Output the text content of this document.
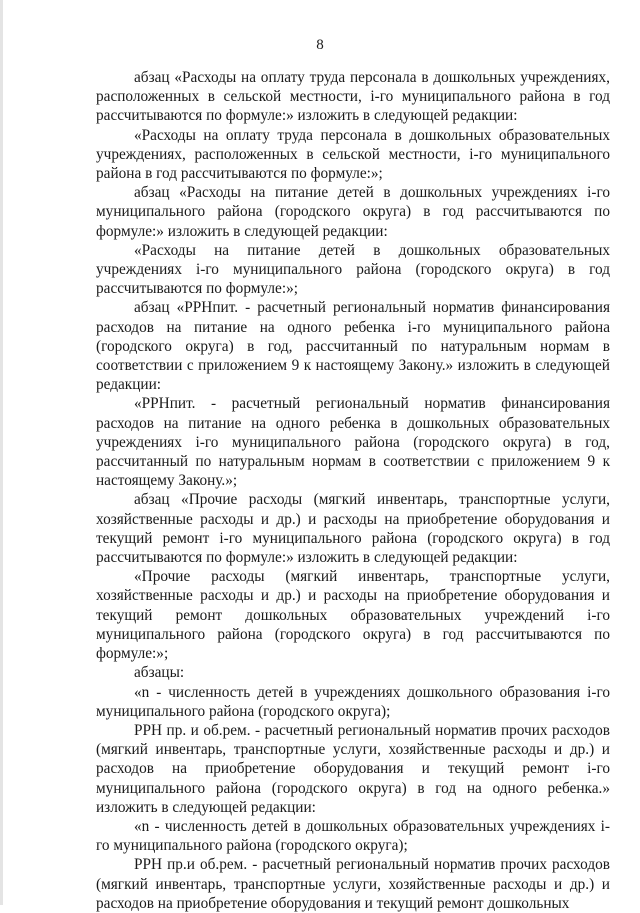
8

абзац «Расходы на оплату труда персонала в дошкольных учреждениях, расположенных в сельской местности, i-го муниципального района в год рассчитываются по формуле:» изложить в следующей редакции:

«Расходы на оплату труда персонала в дошкольных образовательных учреждениях, расположенных в сельской местности, i-го муниципального района в год рассчитываются по формуле:»;

абзац «Расходы на питание детей в дошкольных учреждениях i-го муниципального района (городского округа) в год рассчитываются по формуле:» изложить в следующей редакции:

«Расходы на питание детей в дошкольных образовательных учреждениях i-го муниципального района (городского округа) в год рассчитываются по формуле:»;

абзац «РРНпит. - расчетный региональный норматив финансирования расходов на питание на одного ребенка i-го муниципального района (городского округа) в год, рассчитанный по натуральным нормам в соответствии с приложением 9 к настоящему Закону.» изложить в следующей редакции:

«РРНпит. - расчетный региональный норматив финансирования расходов на питание на одного ребенка в дошкольных образовательных учреждениях i-го муниципального района (городского округа) в год, рассчитанный по натуральным нормам в соответствии с приложением 9 к настоящему Закону.»;

абзац «Прочие расходы (мягкий инвентарь, транспортные услуги, хозяйственные расходы и др.) и расходы на приобретение оборудования и текущий ремонт i-го муниципального района (городского округа) в год рассчитываются по формуле:» изложить в следующей редакции:

«Прочие расходы (мягкий инвентарь, транспортные услуги, хозяйственные расходы и др.) и расходы на приобретение оборудования и текущий ремонт дошкольных образовательных учреждений i-го муниципального района (городского округа) в год рассчитываются по формуле:»;

абзацы:

«n - численность детей в учреждениях дошкольного образования i-го муниципального района (городского округа);

РРН пр. и об.рем. - расчетный региональный норматив прочих расходов (мягкий инвентарь, транспортные услуги, хозяйственные расходы и др.) и расходов на приобретение оборудования и текущий ремонт i-го муниципального района (городского округа) в год на одного ребенка.» изложить в следующей редакции:

«n - численность детей в дошкольных образовательных учреждениях i-го муниципального района (городского округа);

РРН пр.и об.рем. - расчетный региональный норматив прочих расходов (мягкий инвентарь, транспортные услуги, хозяйственные расходы и др.) и расходов на приобретение оборудования и текущий ремонт дошкольных
